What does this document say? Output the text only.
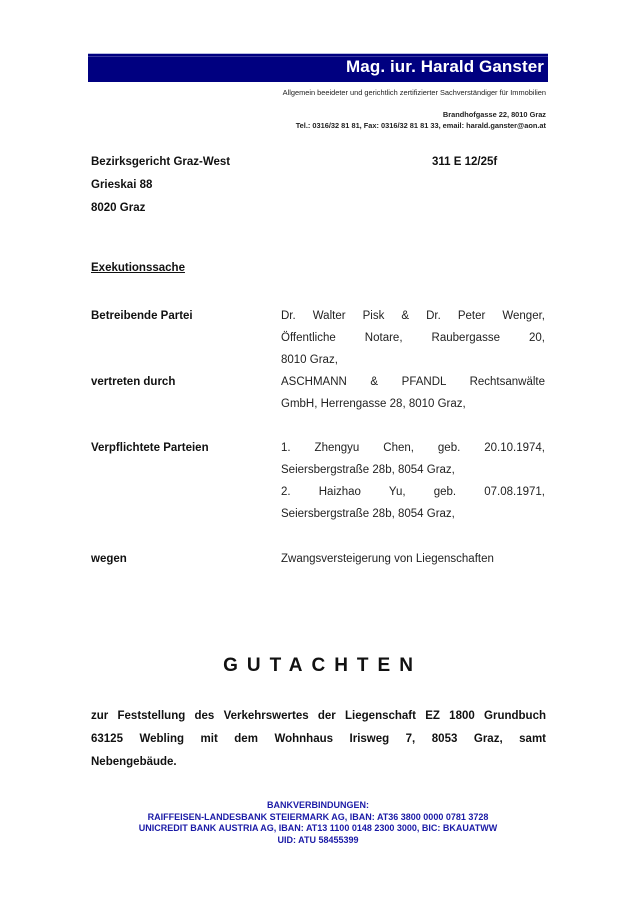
Mag. iur. Harald Ganster
Allgemein beeideter und gerichtlich zertifizierter Sachverständiger für Immobilien
Brandhofgasse 22, 8010 Graz
Tel.: 0316/32 81 81, Fax: 0316/32 81 81 33, email: harald.ganster@aon.at
Bezirksgericht Graz-West
Grieskai 88
8020 Graz
311 E 12/25f
Exekutionssache
Betreibende Partei	Dr. Walter Pisk & Dr. Peter Wenger,

Öffentliche Notare, Raubergasse 20,

8010 Graz,

vertreten durch	ASCHMANN & PFANDL Rechtsanwälte

GmbH, Herrengasse 28, 8010 Graz,

Verpflichtete Parteien	1. Zhengyu Chen, geb. 20.10.1974,

Seiersbergstraße 28b, 8054 Graz,

2. Haizhao Yu, geb. 07.08.1971,

Seiersbergstraße 28b, 8054 Graz,

wegen	Zwangsversteigerung von Liegenschaften

GUTACHTEN
zur Feststellung des Verkehrswertes der Liegenschaft EZ 1800 Grundbuch
63125 Webling mit dem Wohnhaus Irisweg 7, 8053 Graz, samt
Nebengebäude.
BANKVERBINDUNGEN:
RAIFFEISEN-LANDESBANK STEIERMARK AG, IBAN: AT36 3800 0000 0781 3728
UNICREDIT BANK AUSTRIA AG, IBAN: AT13 1100 0148 2300 3000, BIC: BKAUATWW
UID: ATU 58455399
